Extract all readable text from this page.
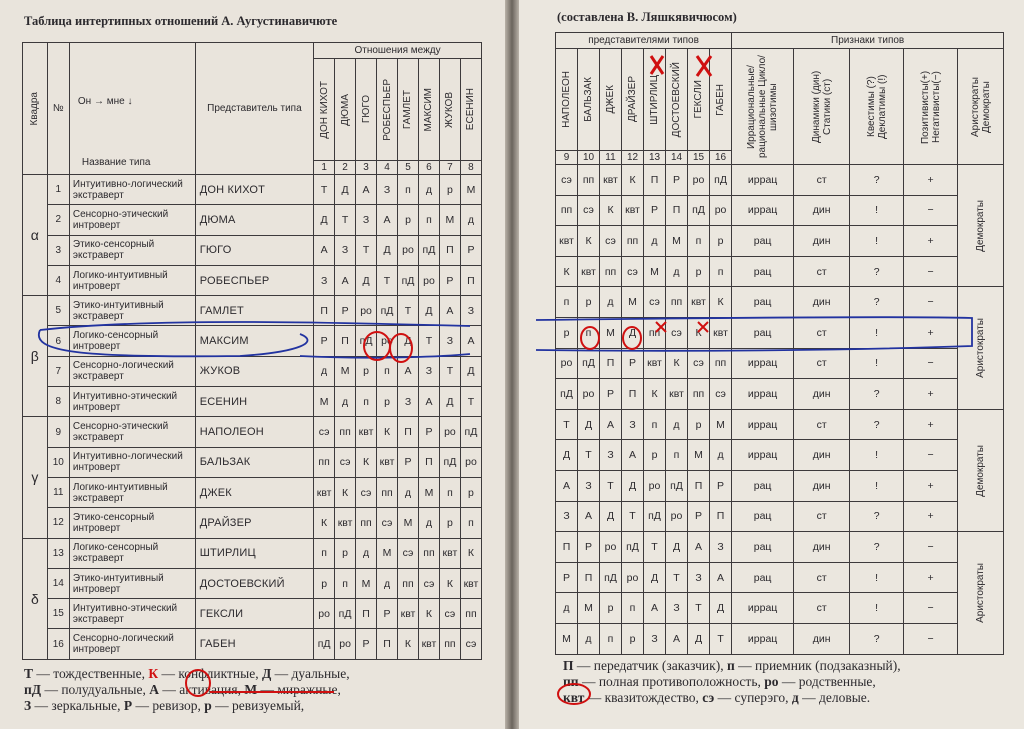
Таблица интертипных отношений А. Аугустинавичюте
Квадра	№	Он → мне ↓
Название типа	Представитель типа	Отношения между							

				ДОН КИХОТ	ДЮМА	ГЮГО	РОБЕСПЬЕР	ГАМЛЕТ	МАКСИМ	ЖУКОВ	ЕСЕНИН

				1	2	3	4	5	6	7	8
α	1	Интуитивно-логический экстраверт	ДОН КИХОТ	Т	Д	А	З	п	д	р	М
	2	Сенсорно-этический интроверт	ДЮМА	Д	Т	З	А	р	п	М	д
	3	Этико-сенсорный экстраверт	ГЮГО	А	З	Т	Д	ро	пД	П	Р
	4	Логико-интуитивный интроверт	РОБЕСПЬЕР	З	А	Д	Т	пД	ро	Р	П
β	5	Этико-интуитивный экстраверт	ГАМЛЕТ	П	Р	ро	пД	Т	Д	А	З
	6	Логико-сенсорный интроверт	МАКСИМ	Р	П	пД	ро	Д	Т	З	А
	7	Сенсорно-логический экстраверт	ЖУКОВ	д	М	р	п	А	З	Т	Д
	8	Интуитивно-этический интроверт	ЕСЕНИН	М	д	п	р	З	А	Д	Т
γ	9	Сенсорно-этический экстраверт	НАПОЛЕОН	сэ	пп	квт	К	П	Р	ро	пД
	10	Интуитивно-логический интроверт	БАЛЬЗАК	пп	сэ	К	квт	Р	П	пД	ро
	11	Логико-интуитивный экстраверт	ДЖЕК	квт	К	сэ	пп	д	М	п	р
	12	Этико-сенсорный интроверт	ДРАЙЗЕР	К	квт	пп	сэ	М	д	р	п
δ	13	Логико-сенсорный экстраверт	ШТИРЛИЦ	п	р	д	М	сэ	пп	квт	К
	14	Этико-интуитивный интроверт	ДОСТОЕВСКИЙ	р	п	М	д	пп	сэ	К	квт
	15	Интуитивно-этический экстраверт	ГЕКСЛИ	ро	пД	П	Р	квт	К	сэ	пп
	16	Сенсорно-логический интроверт	ГАБЕН	пД	ро	Р	П	К	квт	пп	сэ
Т — тождественные, К — конфликтные, Д — дуальные,
пД — полудуальные, А — активация, М — миражные,
З — зеркальные, Р — ревизор, р — ревизуемый,
(составлена В. Ляшкявичюсом)
представителями типов								Признаки типов				

НАПОЛЕОН	БАЛЬЗАК	ДЖЕК	ДРАЙЗЕР	ШТИРЛИЦ	ДОСТОЕВСКИЙ	ГЕКСЛИ	ГАБЕН	Иррациональные/ рациональные Цикло/шизотимы	Динамики (дин) Статики (ст)	Квестимы (?) Деклатимы (!)	Позитивисты(+) Негативисты(−)	Аристократы Демократы

9	10	11	12	13	14	15	16					
сэ	пп	квт	К	П	Р	ро	пД	иррац	ст	?	+	Демократы

пп	сэ	К	квт	Р	П	пД	ро	иррац	дин	!	−	
квт	К	сэ	пп	д	М	п	р	рац	дин	!	+	
К	квт	пп	сэ	М	д	р	п	рац	ст	?	−	
п	р	д	М	сэ	пп	квт	К	рац	дин	?	−	Аристократы

р	п	М	Д	пп	сэ	К	квт	рац	ст	!	+	
ро	пД	П	Р	квт	К	сэ	пп	иррац	ст	!	−	
пД	ро	Р	П	К	квт	пп	сэ	иррац	дин	?	+	
Т	Д	А	З	п	д	р	М	иррац	ст	?	+	Демократы

Д	Т	З	А	р	п	М	д	иррац	дин	!	−	
А	З	Т	Д	ро	пД	П	Р	рац	дин	!	+	
З	А	Д	Т	пД	ро	Р	П	рац	ст	?	+	
П	Р	ро	пД	Т	Д	А	З	рац	дин	?	−	Аристократы

Р	П	пД	ро	Д	Т	З	А	рац	ст	!	+	
д	М	р	п	А	З	Т	Д	иррац	ст	!	−	
М	д	п	р	З	А	Д	Т	иррац	дин	?	−	
П — передатчик (заказчик), п — приемник (подзаказный),
пп — полная противоположность, ро — родственные,
квт — квазитождество, сэ — суперэго, д — деловые.
